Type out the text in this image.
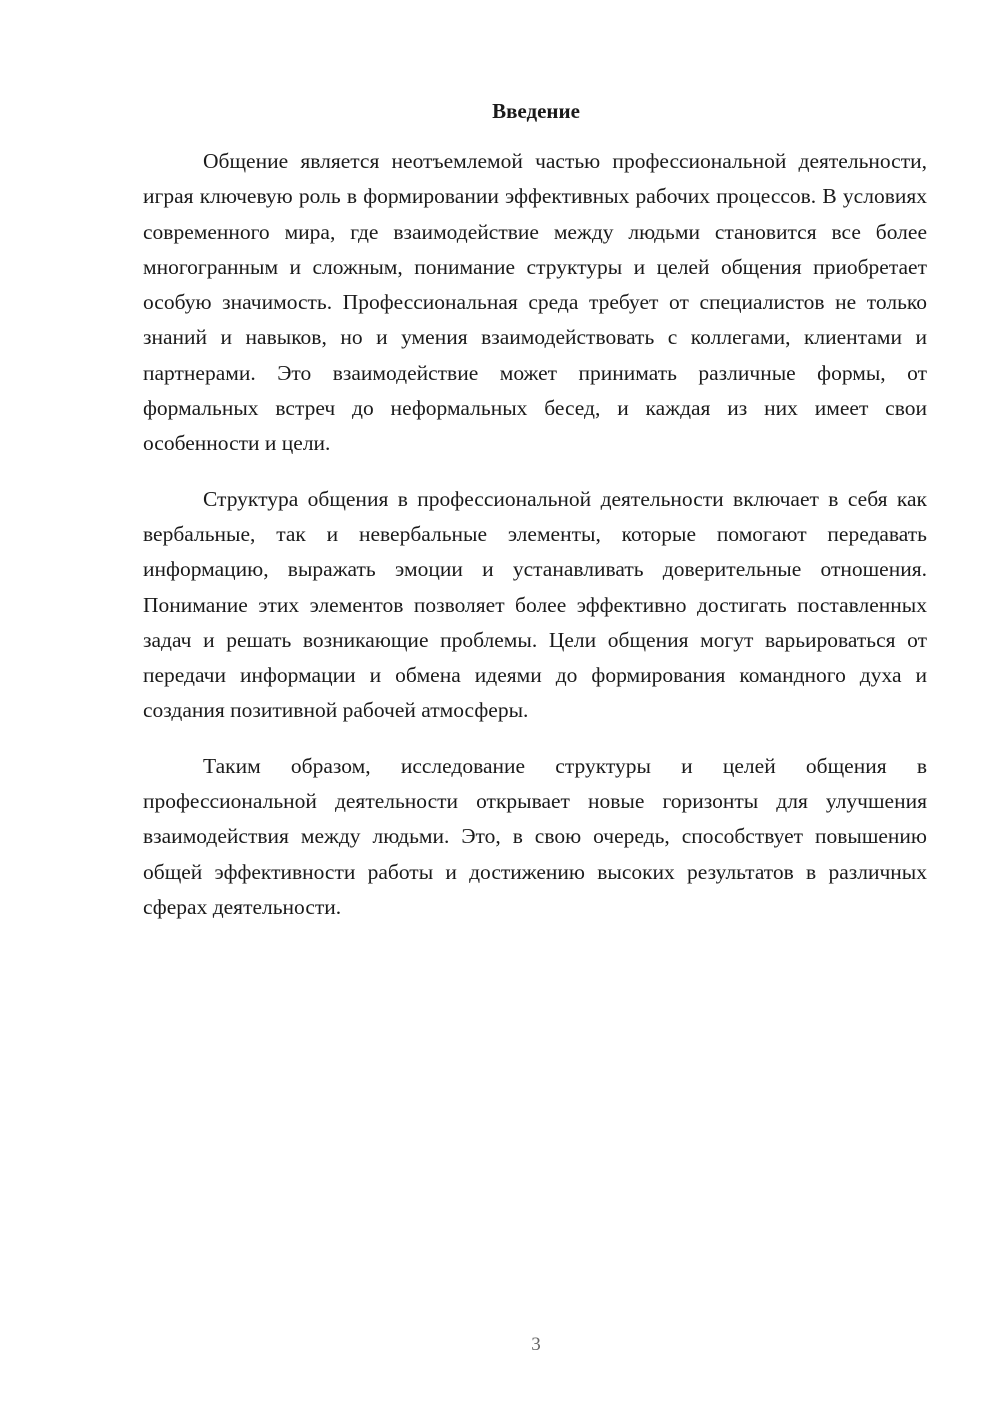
Введение

Общение является неотъемлемой частью профессиональной деятельности, играя ключевую роль в формировании эффективных рабочих процессов. В условиях современного мира, где взаимодействие между людьми становится все более многогранным и сложным, понимание структуры и целей общения приобретает особую значимость. Профессиональная среда требует от специалистов не только знаний и навыков, но и умения взаимодействовать с коллегами, клиентами и партнерами. Это взаимодействие может принимать различные формы, от формальных встреч до неформальных бесед, и каждая из них имеет свои особенности и цели.

Структура общения в профессиональной деятельности включает в себя как вербальные, так и невербальные элементы, которые помогают передавать информацию, выражать эмоции и устанавливать доверительные отношения. Понимание этих элементов позволяет более эффективно достигать поставленных задач и решать возникающие проблемы. Цели общения могут варьироваться от передачи информации и обмена идеями до формирования командного духа и создания позитивной рабочей атмосферы.

Таким образом, исследование структуры и целей общения в профессиональной деятельности открывает новые горизонты для улучшения взаимодействия между людьми. Это, в свою очередь, способствует повышению общей эффективности работы и достижению высоких результатов в различных сферах деятельности.

3
